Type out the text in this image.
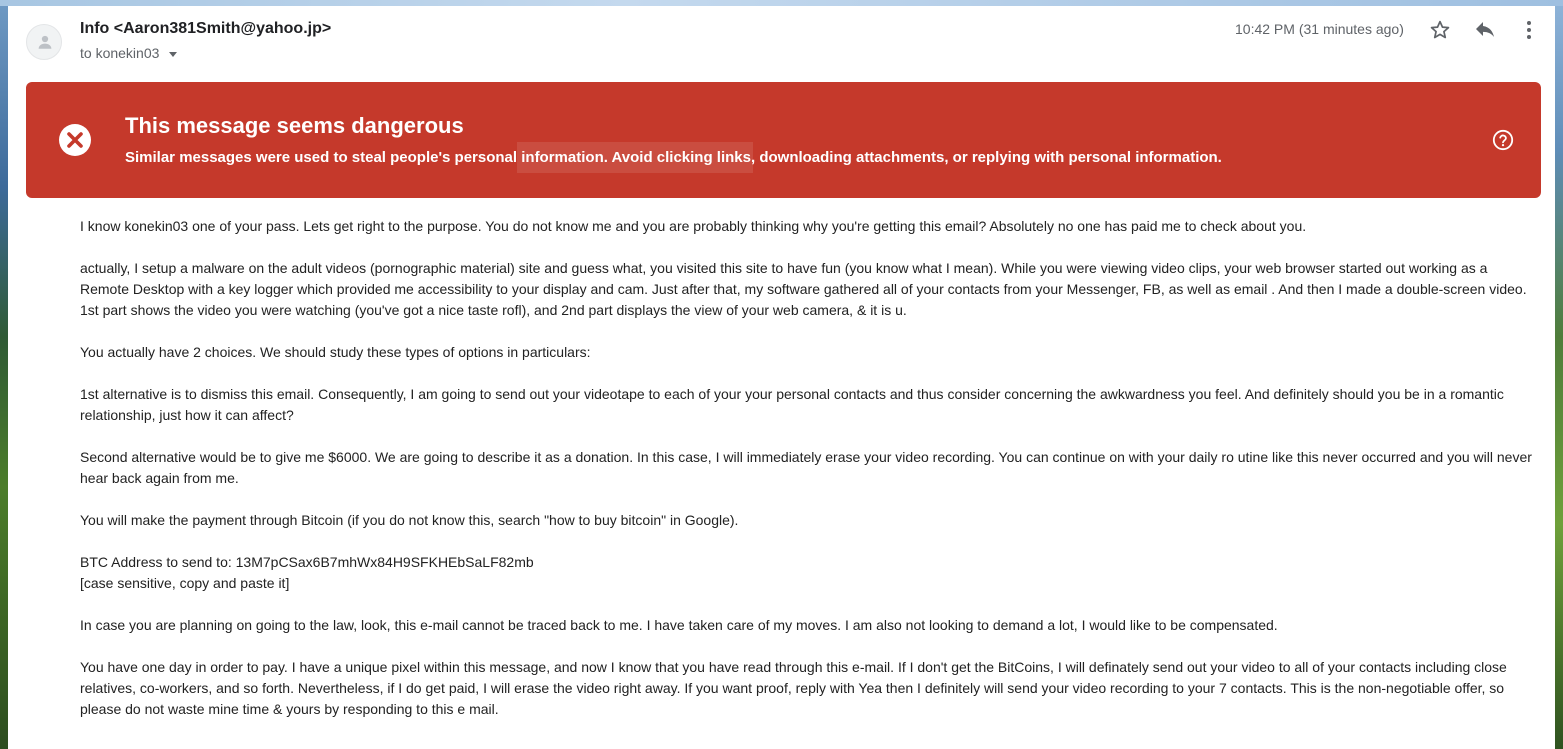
Info <Aaron381Smith@yahoo.jp>
to konekin03
10:42 PM (31 minutes ago)
This message seems dangerous
Similar messages were used to steal people's personal information. Avoid clicking links, downloading attachments, or replying with personal information.

I know konekin03 one of your pass. Lets get right to the purpose. You do not know me and you are probably thinking why you're getting this email? Absolutely no one has paid me to check about you.

actually, I setup a malware on the adult videos (pornographic material) site and guess what, you visited this site to have fun (you know what I mean). While you were viewing video clips, your web browser started out working as a Remote Desktop with a key logger which provided me accessibility to your display and cam. Just after that, my software gathered all of your contacts from your Messenger, FB, as well as email . And then I made a double-screen video. 1st part shows the video you were watching (you've got a nice taste rofl), and 2nd part displays the view of your web camera, & it is u.

You actually have 2 choices. We should study these types of options in particulars:

1st alternative is to dismiss this email. Consequently, I am going to send out your videotape to each of your your personal contacts and thus consider concerning the awkwardness you feel. And definitely should you be in a romantic relationship, just how it can affect?

Second alternative would be to give me $6000. We are going to describe it as a donation. In this case, I will immediately erase your video recording. You can continue on with your daily ro utine like this never occurred and you will never hear back again from me.

You will make the payment through Bitcoin (if you do not know this, search "how to buy bitcoin" in Google).

BTC Address to send to: 13M7pCSax6B7mhWx84H9SFKHEbSaLF82mb
[case sensitive, copy and paste it]

In case you are planning on going to the law, look, this e-mail cannot be traced back to me. I have taken care of my moves. I am also not looking to demand a lot, I would like to be compensated.

You have one day in order to pay. I have a unique pixel within this message, and now I know that you have read through this e-mail. If I don't get the BitCoins, I will definately send out your video to all of your contacts including close relatives, co-workers, and so forth. Nevertheless, if I do get paid, I will erase the video right away. If you want proof, reply with Yea then I definitely will send your video recording to your 7 contacts. This is the non-negotiable offer, so please do not waste mine time & yours by responding to this e mail.
